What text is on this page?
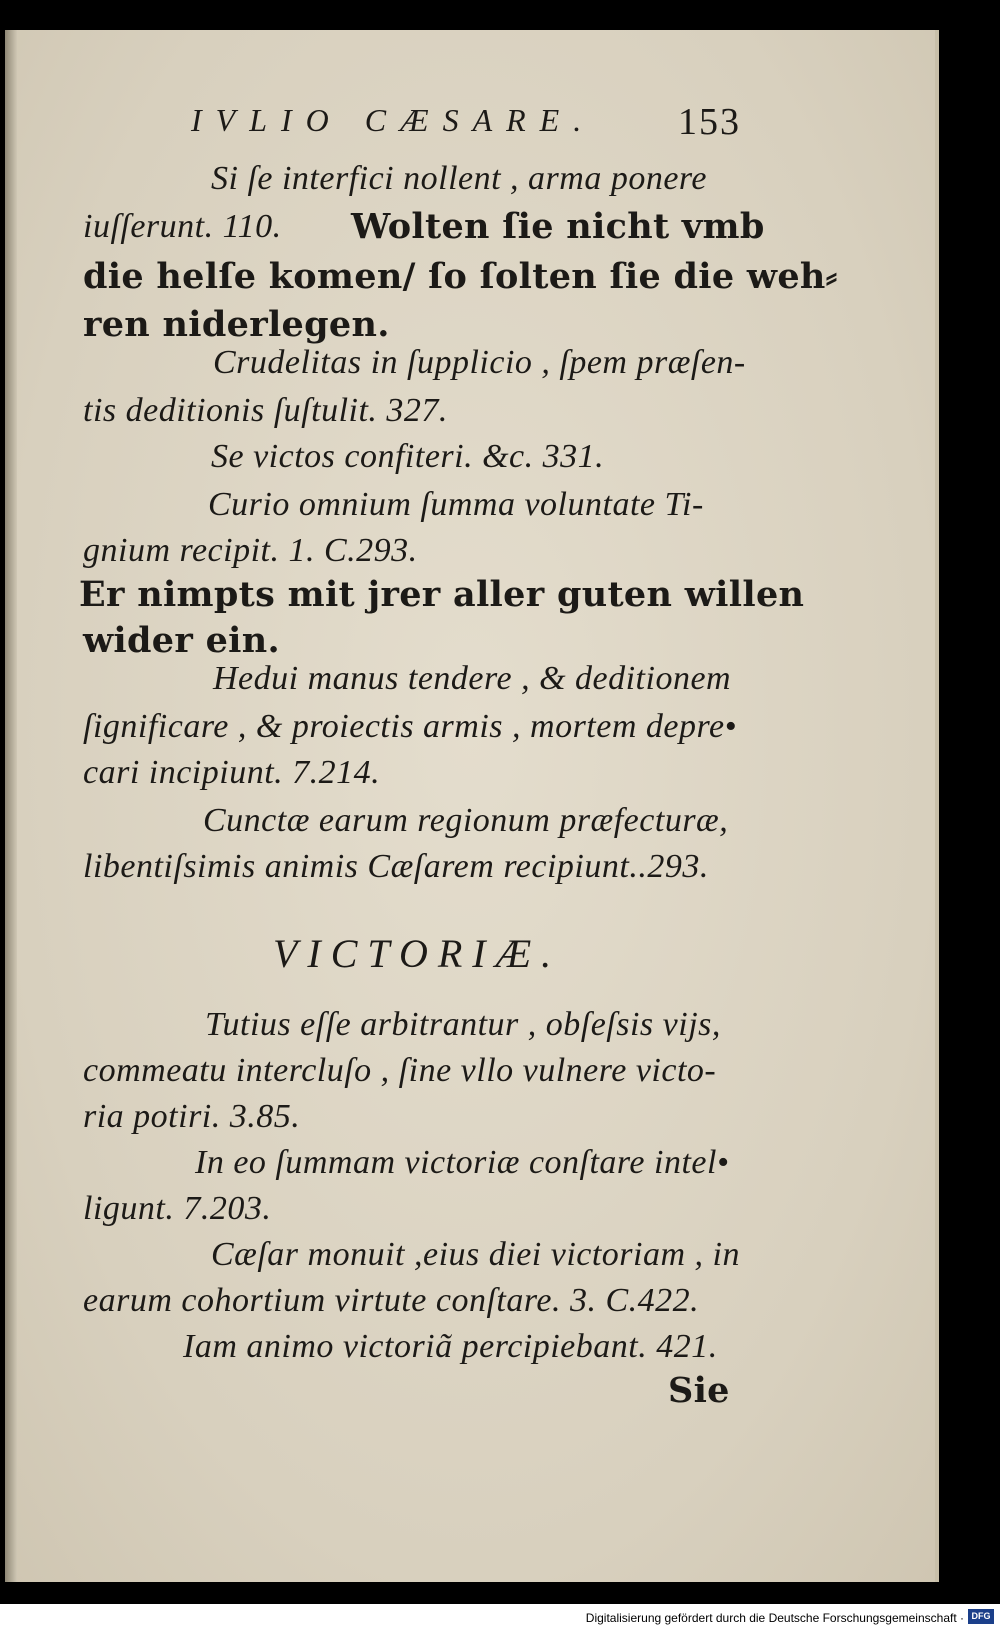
IVLIO CÆSARE. 153
Si ſe interfici nollent , arma ponere
iuſſerunt. 110. Wolten ſie nicht vmb
die helſe komen/ ſo ſolten ſie die weh⸗
ren niderlegen.
Crudelitas in ſupplicio , ſpem præſen-
tis deditionis ſuſtulit. 327.
Se victos confiteri. &c. 331.
Curio omnium ſumma voluntate Ti-
gnium recipit. 1. C.293.
Er nimpts mit jrer aller guten willen
wider ein.
Hedui manus tendere , & deditionem
ſignificare , & proiectis armis , mortem depre•
cari incipiunt. 7.214.
Cunctæ earum regionum præfecturæ,
libentiſsimis animis Cæſarem recipiunt..293.
VICTORIÆ.
Tutius eſſe arbitrantur , obſeſsis vijs,
commeatu intercluſo , ſine vllo vulnere victo-
ria potiri. 3.85.
In eo ſummam victoriæ conſtare intel•
ligunt. 7.203.
Cæſar monuit ,eius diei victoriam , in
earum cohortium virtute conſtare. 3. C.422.
Iam animo victoriã percipiebant. 421.
Sie
Digitalisierung gefördert durch die Deutsche Forschungsgemeinschaft · DFG
